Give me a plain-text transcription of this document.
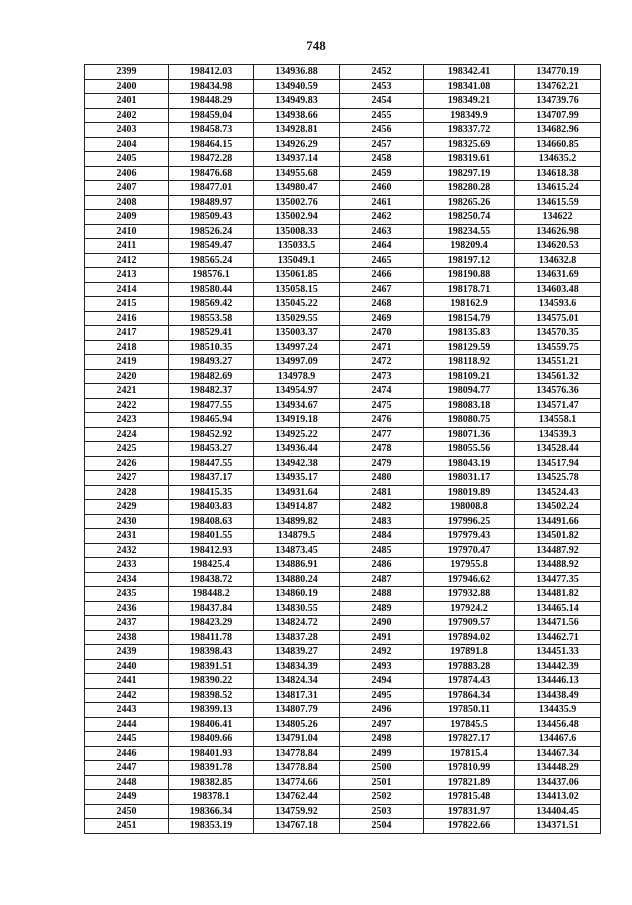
748
2399	198412.03	134936.88	2452	198342.41	134770.19
2400	198434.98	134940.59	2453	198341.08	134762.21
2401	198448.29	134949.83	2454	198349.21	134739.76
2402	198459.04	134938.66	2455	198349.9	134707.99
2403	198458.73	134928.81	2456	198337.72	134682.96
2404	198464.15	134926.29	2457	198325.69	134660.85
2405	198472.28	134937.14	2458	198319.61	134635.2
2406	198476.68	134955.68	2459	198297.19	134618.38
2407	198477.01	134980.47	2460	198280.28	134615.24
2408	198489.97	135002.76	2461	198265.26	134615.59
2409	198509.43	135002.94	2462	198250.74	134622
2410	198526.24	135008.33	2463	198234.55	134626.98
2411	198549.47	135033.5	2464	198209.4	134620.53
2412	198565.24	135049.1	2465	198197.12	134632.8
2413	198576.1	135061.85	2466	198190.88	134631.69
2414	198580.44	135058.15	2467	198178.71	134603.48
2415	198569.42	135045.22	2468	198162.9	134593.6
2416	198553.58	135029.55	2469	198154.79	134575.01
2417	198529.41	135003.37	2470	198135.83	134570.35
2418	198510.35	134997.24	2471	198129.59	134559.75
2419	198493.27	134997.09	2472	198118.92	134551.21
2420	198482.69	134978.9	2473	198109.21	134561.32
2421	198482.37	134954.97	2474	198094.77	134576.36
2422	198477.55	134934.67	2475	198083.18	134571.47
2423	198465.94	134919.18	2476	198080.75	134558.1
2424	198452.92	134925.22	2477	198071.36	134539.3
2425	198453.27	134936.44	2478	198055.56	134528.44
2426	198447.55	134942.38	2479	198043.19	134517.94
2427	198437.17	134935.17	2480	198031.17	134525.78
2428	198415.35	134931.64	2481	198019.89	134524.43
2429	198403.83	134914.87	2482	198008.8	134502.24
2430	198408.63	134899.82	2483	197996.25	134491.66
2431	198401.55	134879.5	2484	197979.43	134501.82
2432	198412.93	134873.45	2485	197970.47	134487.92
2433	198425.4	134886.91	2486	197955.8	134488.92
2434	198438.72	134880.24	2487	197946.62	134477.35
2435	198448.2	134860.19	2488	197932.88	134481.82
2436	198437.84	134830.55	2489	197924.2	134465.14
2437	198423.29	134824.72	2490	197909.57	134471.56
2438	198411.78	134837.28	2491	197894.02	134462.71
2439	198398.43	134839.27	2492	197891.8	134451.33
2440	198391.51	134834.39	2493	197883.28	134442.39
2441	198390.22	134824.34	2494	197874.43	134446.13
2442	198398.52	134817.31	2495	197864.34	134438.49
2443	198399.13	134807.79	2496	197850.11	134435.9
2444	198406.41	134805.26	2497	197845.5	134456.48
2445	198409.66	134791.04	2498	197827.17	134467.6
2446	198401.93	134778.84	2499	197815.4	134467.34
2447	198391.78	134778.84	2500	197810.99	134448.29
2448	198382.85	134774.66	2501	197821.89	134437.06
2449	198378.1	134762.44	2502	197815.48	134413.02
2450	198366.34	134759.92	2503	197831.97	134404.45
2451	198353.19	134767.18	2504	197822.66	134371.51
